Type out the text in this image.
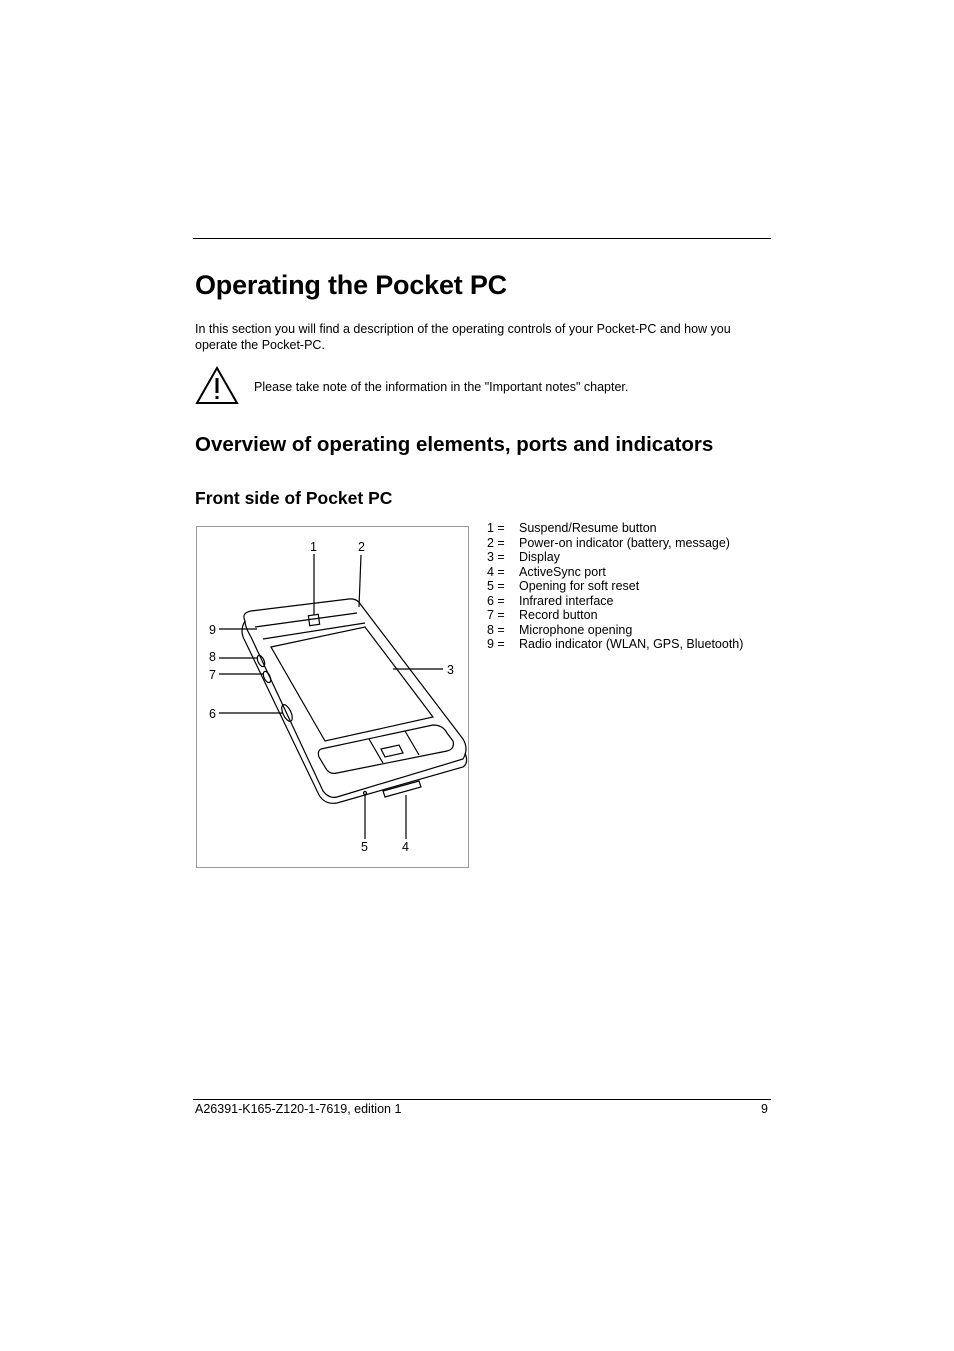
Operating the Pocket PC

In this section you will find a description of the operating controls of your Pocket-PC and how you operate the Pocket-PC.

Please take note of the information in the "Important notes" chapter.

Overview of operating elements, ports and indicators
Front side of Pocket PC
1	2
3
4
5
6
7
8
9
1 =	Suspend/Resume button
2 =	Power-on indicator (battery, message)
3 =	Display
4 =	ActiveSync port
5 =	Opening for soft reset
6 =	Infrared interface
7 =	Record button
8 =	Microphone opening
9 =	Radio indicator (WLAN, GPS, Bluetooth)
A26391-K165-Z120-1-7619, edition 1	9
